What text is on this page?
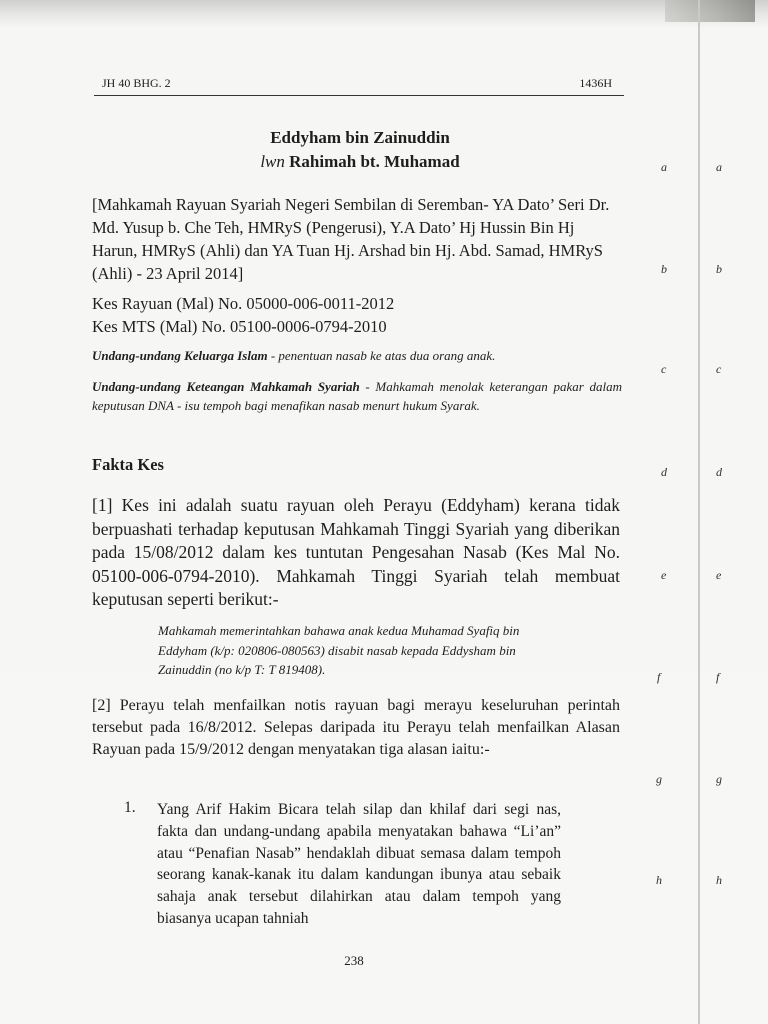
JH 40 BHG. 2	1436H
Eddyham bin Zainuddin
lwn Rahimah bt. Muhamad
[Mahkamah Rayuan Syariah Negeri Sembilan di Seremban- YA Dato’ Seri Dr. Md. Yusup b. Che Teh, HMRyS (Pengerusi), Y.A Dato’ Hj Hussin Bin Hj Harun, HMRyS (Ahli) dan YA Tuan Hj. Arshad bin Hj. Abd. Samad, HMRyS (Ahli) - 23 April 2014]
Kes Rayuan (Mal) No. 05000-006-0011-2012
Kes MTS (Mal) No. 05100-0006-0794-2010
Undang-undang Keluarga Islam - penentuan nasab ke atas dua orang anak.
Undang-undang Keteangan Mahkamah Syariah - Mahkamah menolak keterangan pakar dalam keputusan DNA - isu tempoh bagi menafikan nasab menurt hukum Syarak.
Fakta Kes
[1] Kes ini adalah suatu rayuan oleh Perayu (Eddyham) kerana tidak berpuashati terhadap keputusan Mahkamah Tinggi Syariah yang diberikan pada 15/08/2012 dalam kes tuntutan Pengesahan Nasab (Kes Mal No. 05100-006-0794-2010). Mahkamah Tinggi Syariah telah membuat keputusan seperti berikut:-
Mahkamah memerintahkan bahawa anak kedua Muhamad Syafiq bin Eddyham (k/p: 020806-080563) disabit nasab kepada Eddysham bin Zainuddin (no k/p T: T 819408).
[2] Perayu telah menfailkan notis rayuan bagi merayu keseluruhan perintah tersebut pada 16/8/2012. Selepas daripada itu Perayu telah menfailkan Alasan Rayuan pada 15/9/2012 dengan menyatakan tiga alasan iaitu:-
1. Yang Arif Hakim Bicara telah silap dan khilaf dari segi nas, fakta dan undang-undang apabila menyatakan bahawa “Li’an” atau “Penafian Nasab” hendaklah dibuat semasa dalam tempoh seorang kanak-kanak itu dalam kandungan ibunya atau sebaik sahaja anak tersebut dilahirkan atau dalam tempoh yang biasanya ucapan tahniah
238
a	a
b	b
c	c
d	d
e	e
f	f
g	g
h	h
